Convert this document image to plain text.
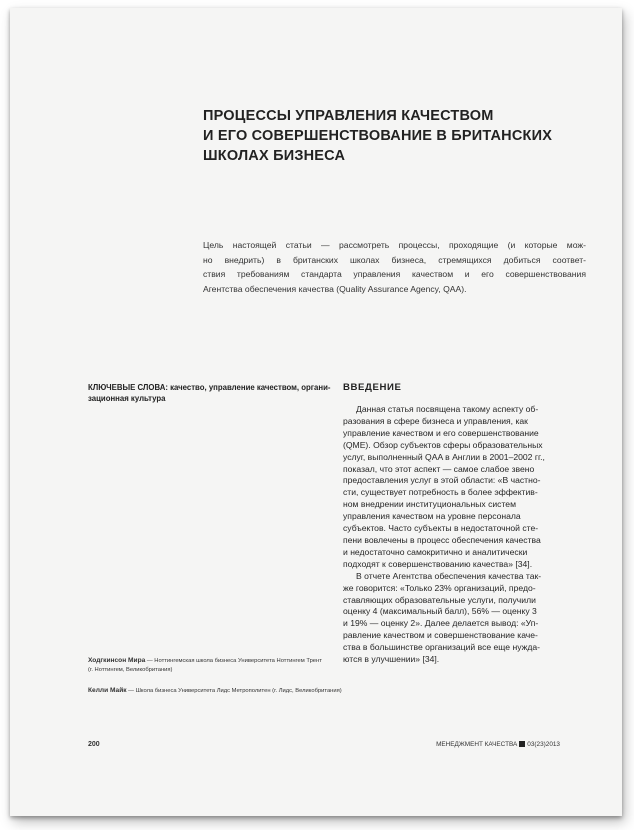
ПРОЦЕССЫ УПРАВЛЕНИЯ КАЧЕСТВОМ
И ЕГО СОВЕРШЕНСТВОВАНИЕ В БРИТАНСКИХ
ШКОЛАХ БИЗНЕСА
Цель настоящей статьи — рассмотреть процессы, проходящие (и которые мож-
но внедрить) в британских школах бизнеса, стремящихся добиться соответ-
ствия требованиям стандарта управления качеством и его совершенствования
Агентства обеспечения качества (Quality Assurance Agency, QAA).
КЛЮЧЕВЫЕ СЛОВА: качество, управление качеством, органи-
зационная культура
ВВЕДЕНИЕ
Данная статья посвящена такому аспекту об-
разования в сфере бизнеса и управления, как
управление качеством и его совершенствование
(QME). Обзор субъектов сферы образовательных
услуг, выполненный QAA в Англии в 2001–2002 гг.,
показал, что этот аспект — самое слабое звено
предоставления услуг в этой области: «В частно-
сти, существует потребность в более эффектив-
ном внедрении институциональных систем
управления качеством на уровне персонала
субъектов. Часто субъекты в недостаточной сте-
пени вовлечены в процесс обеспечения качества
и недостаточно самокритично и аналитически
подходят к совершенствованию качества» [34].
В отчете Агентства обеспечения качества так-
же говорится: «Только 23% организаций, предо-
ставляющих образовательные услуги, получили
оценку 4 (максимальный балл), 56% — оценку 3
и 19% — оценку 2». Далее делается вывод: «Уп-
равление качеством и совершенствование каче-
ства в большинстве организаций все еще нужда-
ются в улучшении» [34].
Ходгкинсон Мира — Ноттингемская школа бизнеса Университета Ноттингем Трент
(г. Ноттингем, Великобритания)
Келли Майк — Школа бизнеса Университета Лидс Метрополитен (г. Лидс, Великобритания)
200	МЕНЕДЖМЕНТ КАЧЕСТВА 03(23)2013
